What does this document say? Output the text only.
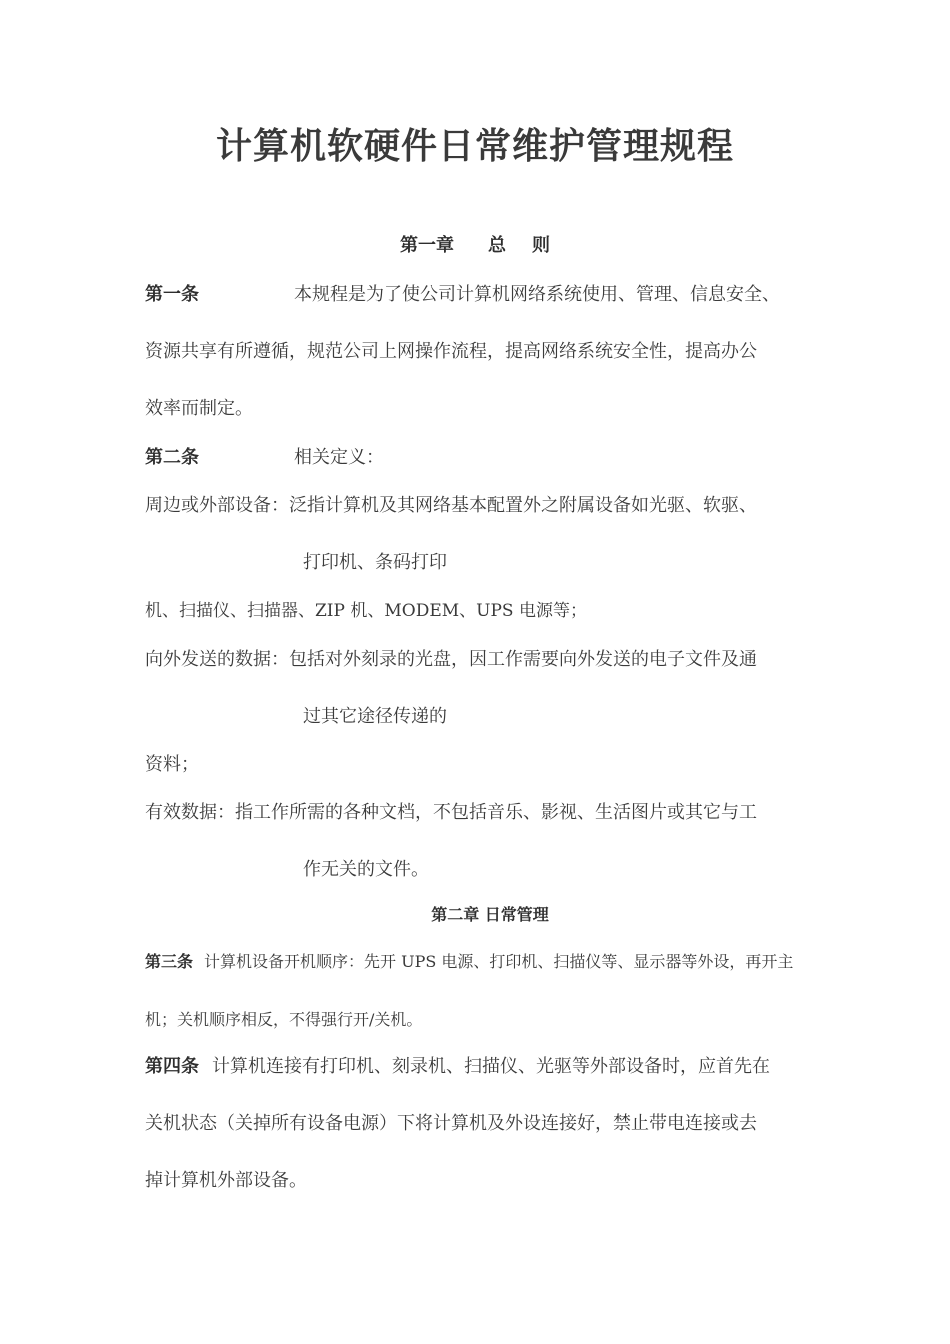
计算机软硬件日常维护管理规程
第一章 总 则
第一条	本规程是为了使公司计算机网络系统使用、管理、信息安全、
资源共享有所遵循，规范公司上网操作流程，提高网络系统安全性，提高办公
效率而制定。
第二条	相关定义：
周边或外部设备：泛指计算机及其网络基本配置外之附属设备如光驱、软驱、
打印机、条码打印
机、扫描仪、扫描器、ZIP 机、MODEM、UPS 电源等；
向外发送的数据：包括对外刻录的光盘，因工作需要向外发送的电子文件及通
过其它途径传递的
资料；
有效数据：指工作所需的各种文档，不包括音乐、影视、生活图片或其它与工
作无关的文件。
第二章 日常管理
第三条 计算机设备开机顺序：先开 UPS 电源、打印机、扫描仪等、显示器等外设，再开主
机；关机顺序相反，不得强行开/关机。
第四条 计算机连接有打印机、刻录机、扫描仪、光驱等外部设备时，应首先在
关机状态（关掉所有设备电源）下将计算机及外设连接好，禁止带电连接或去
掉计算机外部设备。
